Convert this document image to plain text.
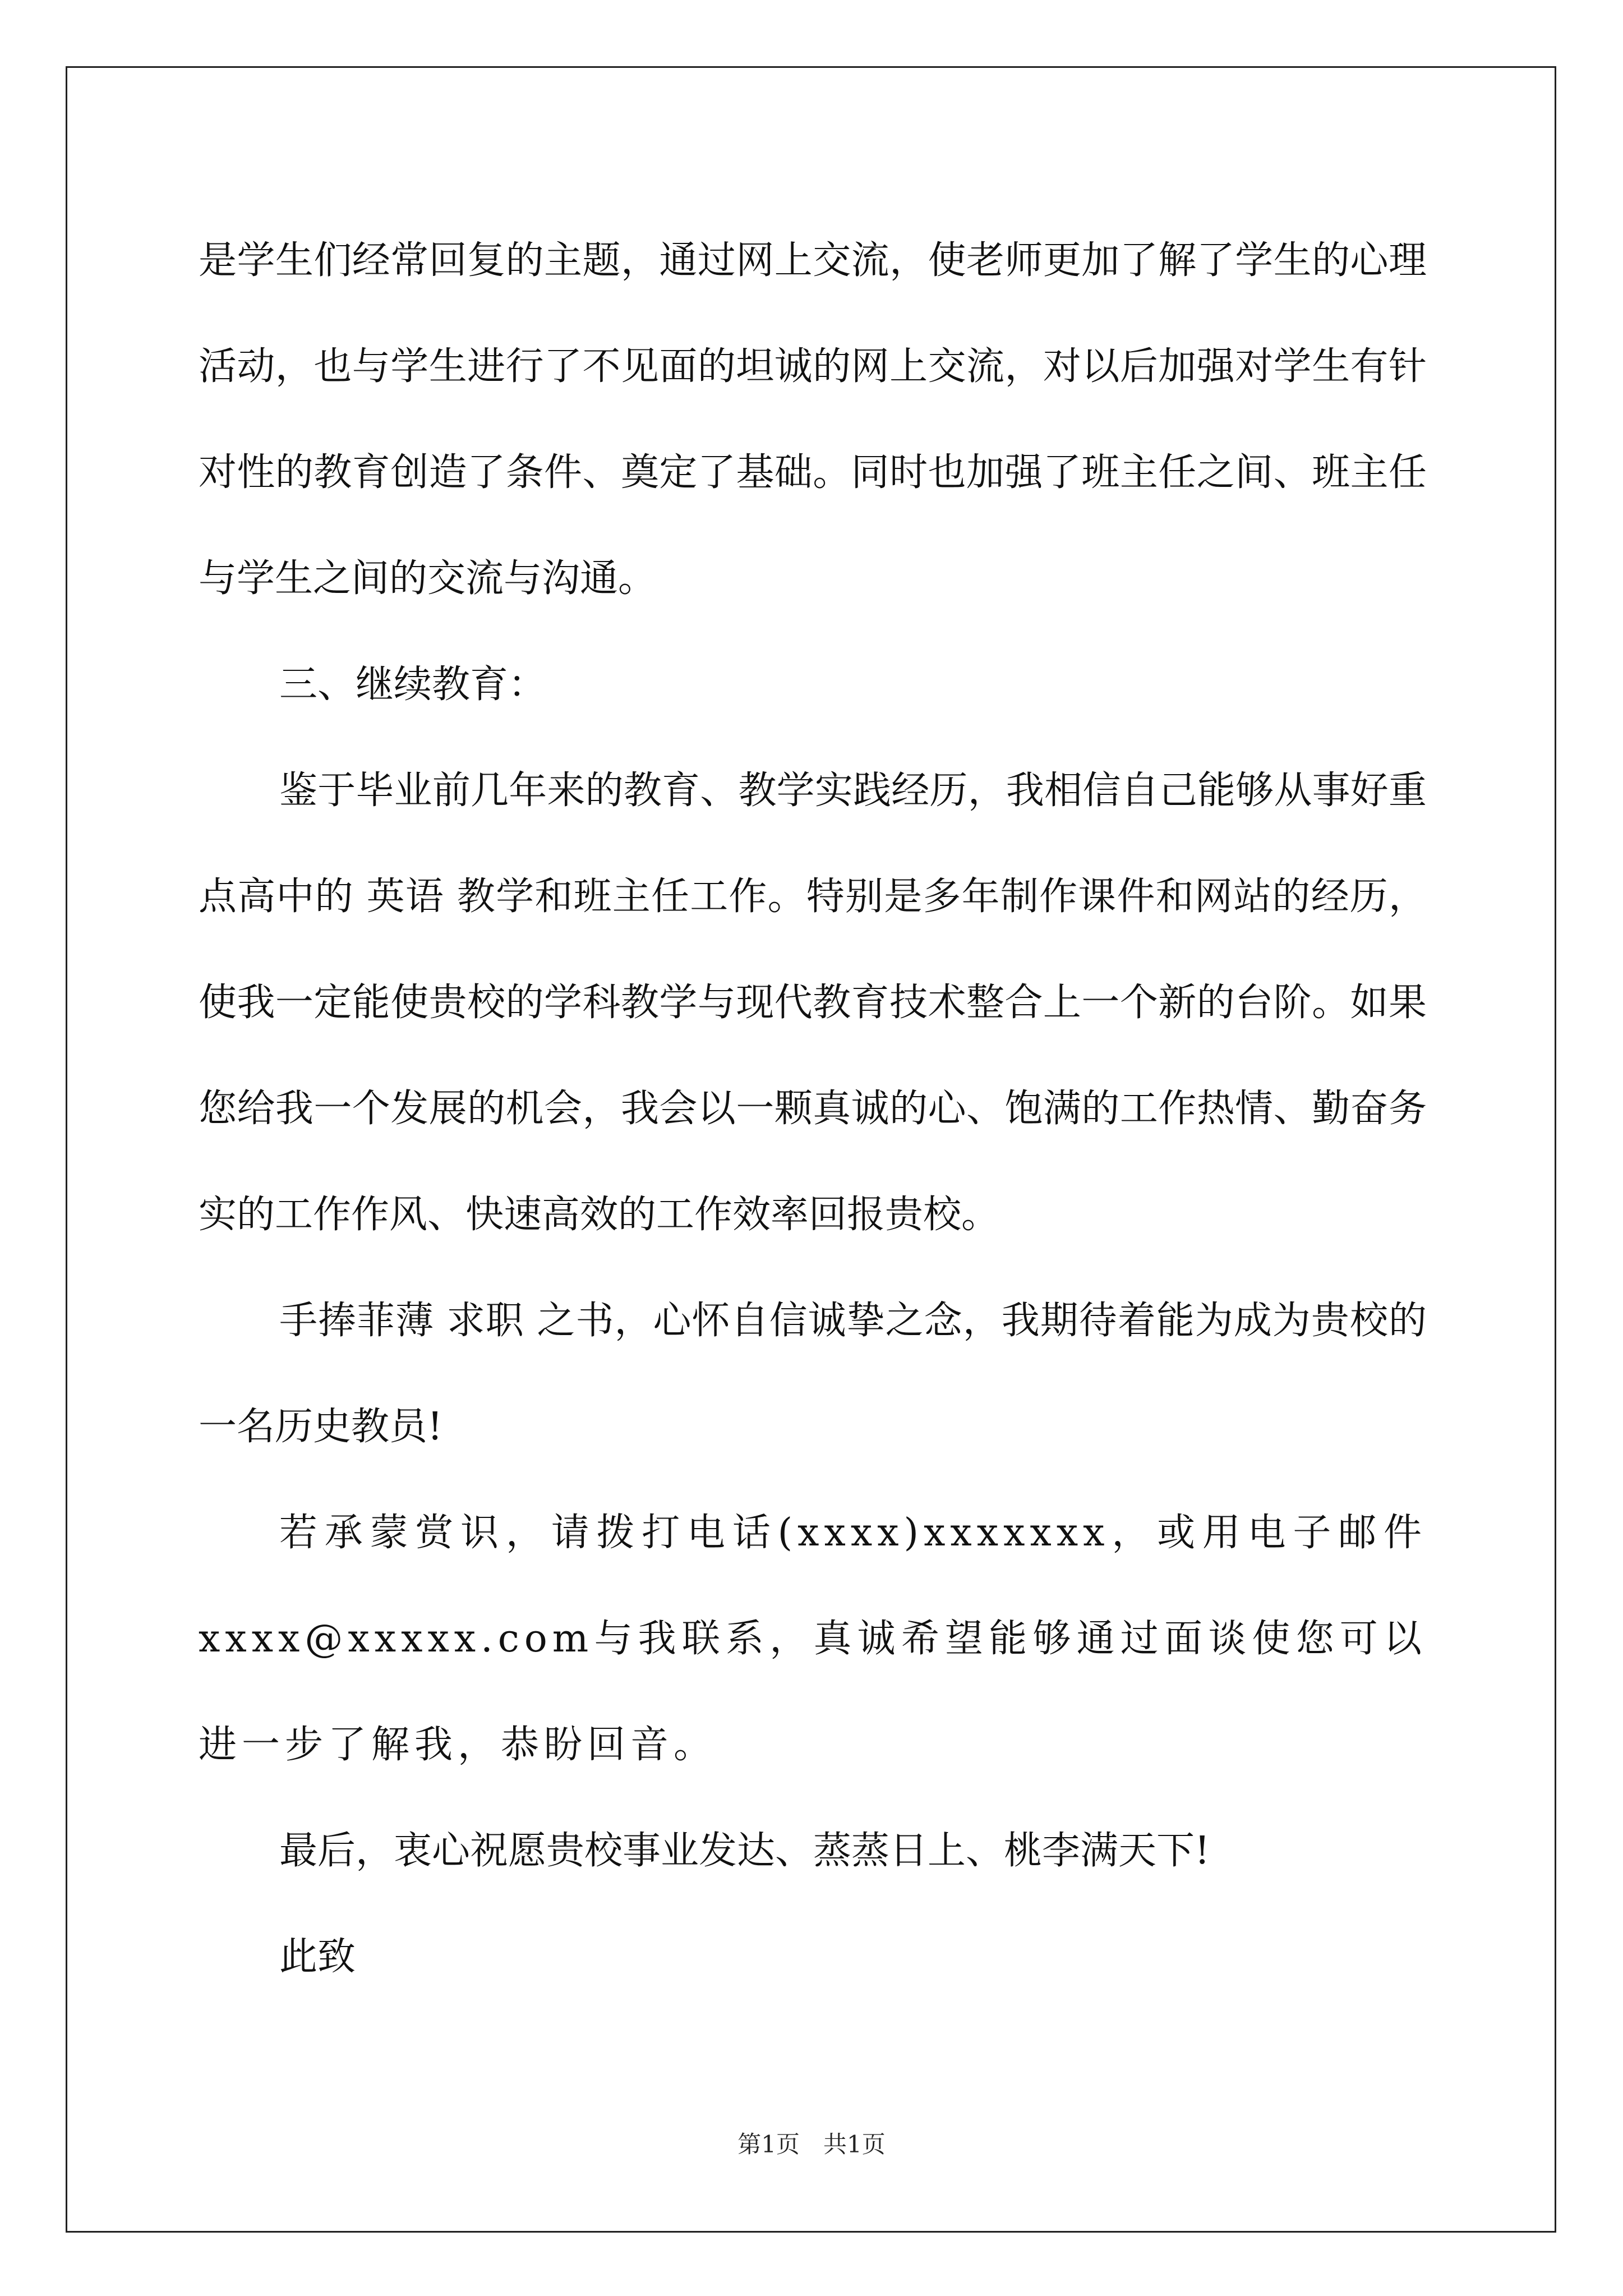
是学生们经常回复的主题，通过网上交流，使老师更加了解了学生的心理活动，也与学生进行了不见面的坦诚的网上交流，对以后加强对学生有针对性的教育创造了条件、奠定了基础。同时也加强了班主任之间、班主任与学生之间的交流与沟通。

三、继续教育：

鉴于毕业前几年来的教育、教学实践经历，我相信自己能够从事好重点高中的 英语 教学和班主任工作。特别是多年制作课件和网站的经历，使我一定能使贵校的学科教学与现代教育技术整合上一个新的台阶。如果您给我一个发展的机会，我会以一颗真诚的心、饱满的工作热情、勤奋务实的工作作风、快速高效的工作效率回报贵校。

手捧菲薄 求职 之书，心怀自信诚挚之念，我期待着能为成为贵校的一名历史教员!

若承蒙赏识，请拨打电话(xxxx)xxxxxxx，或用电子邮件xxxx@xxxxx.com与我联系，真诚希望能够通过面谈使您可以进一步了解我，恭盼回音。

最后，衷心祝愿贵校事业发达、蒸蒸日上、桃李满天下!

此致

第1页　共1页
